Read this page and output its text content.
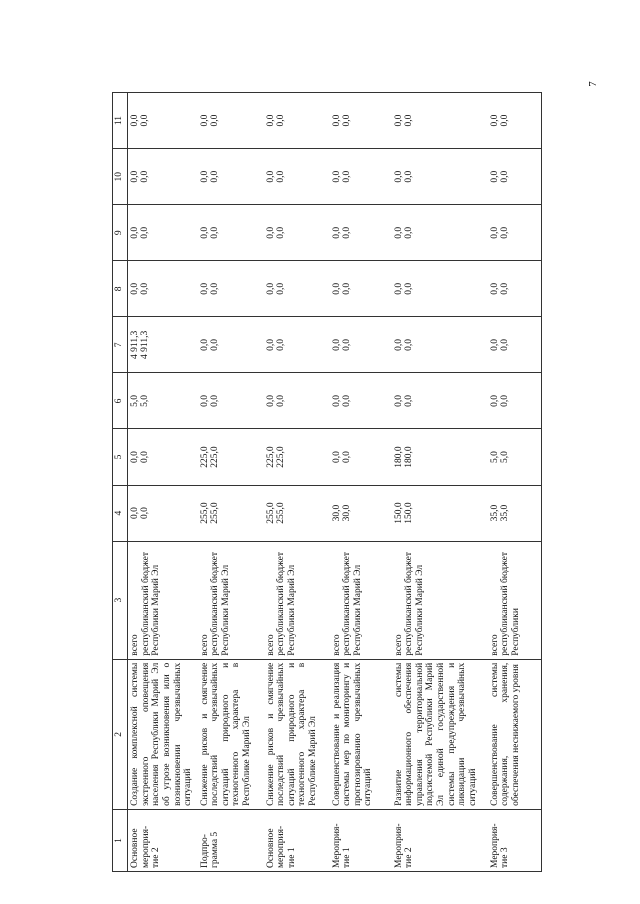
7
1	2	3	4	5	6	7	8	9	10	11
Основное мероприя-тие 2	Создание комплексной системы экстренного оповещения населения Республики Марий Эл об угрозе возникновения или о возникновении чрезвычайных ситуаций	всего республиканский бюджет Республики Марий Эл	0,0 0,0	0,0 0,0	5,0 5,0	4 911,3 4 911,3	0,0 0,0	0,0 0,0	0,0 0,0	0,0 0,0

Подпро-грамма 5	Снижение рисков и смягчение последствий чрезвычайных ситуаций природного и техногенного характера в Республике Марий Эл	всего республиканский бюджет Республики Марий Эл	255,0 255,0	225,0 225,0	0,0 0,0	0,0 0,0	0,0 0,0	0,0 0,0	0,0 0,0	0,0 0,0

Основное мероприя-тие 1	Снижение рисков и смягчение последствий чрезвычайных ситуаций природного и техногенного характера в Республике Марий Эл	всего республиканский бюджет Республики Марий Эл	255,0 255,0	225,0 225,0	0,0 0,0	0,0 0,0	0,0 0,0	0,0 0,0	0,0 0,0	0,0 0,0

Мероприя-тие 1	Совершенствование и реализация системы мер по мониторингу и прогнозированию чрезвычайных ситуаций	всего республиканский бюджет Республики Марий Эл	30,0 30,0	0,0 0,0	0,0 0,0	0,0 0,0	0,0 0,0	0,0 0,0	0,0 0,0	0,0 0,0

Мероприя-тие 2	Развитие системы информационного обеспечения управления территориальной подсистемой Республики Марий Эл единой государственной системы предупреждения и ликвидации чрезвычайных ситуаций	всего республиканский бюджет Республики Марий Эл	150,0 150,0	180,0 180,0	0,0 0,0	0,0 0,0	0,0 0,0	0,0 0,0	0,0 0,0	0,0 0,0

Мероприя-тие 3	Совершенствование системы содержания, хранения, обеспечения неснижаемого уровня	всего республиканский бюджет Республики	35,0 35,0	5,0 5,0	0,0 0,0	0,0 0,0	0,0 0,0	0,0 0,0	0,0 0,0	0,0 0,0
